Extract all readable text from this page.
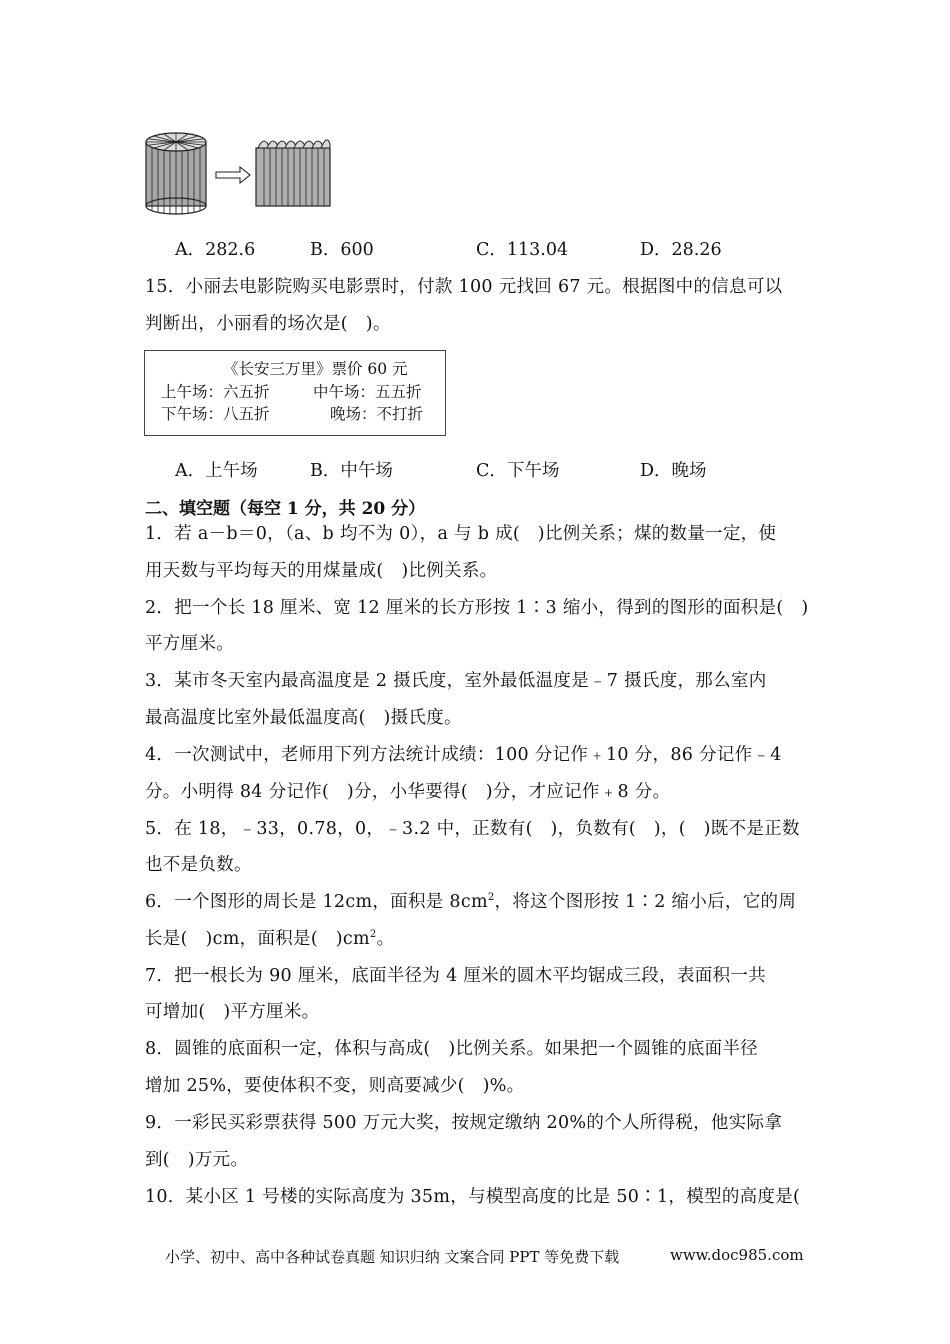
A．282.6	B．600	C．113.04	D．28.26
15．小丽去电影院购买电影票时，付款 100 元找回 67 元。根据图中的信息可以
判断出，小丽看的场次是(　)。
《长安三万里》票价 60 元
上午场：六五折	中午场：五五折
下午场：八五折	晚场：不打折
A．上午场	B．中午场	C．下午场	D．晚场
二、填空题（每空 1 分，共 20 分）
1．若 a－b＝0，（a、b 均不为 0），a 与 b 成(　)比例关系；煤的数量一定，使
用天数与平均每天的用煤量成(　)比例关系。
2．把一个长 18 厘米、宽 12 厘米的长方形按 1∶3 缩小，得到的图形的面积是(　)
平方厘米。
3．某市冬天室内最高温度是 2 摄氏度，室外最低温度是﹣7 摄氏度，那么室内
最高温度比室外最低温度高(　)摄氏度。
4．一次测试中，老师用下列方法统计成绩：100 分记作﹢10 分，86 分记作﹣4
分。小明得 84 分记作(　)分，小华要得(　)分，才应记作﹢8 分。
5．在 18，﹣33，0.78，0，﹣3.2 中，正数有(　)，负数有(　)，(　)既不是正数
也不是负数。
6．一个图形的周长是 12cm，面积是 $8cm^2$，将这个图形按 1∶2 缩小后，它的周
长是(　)cm，面积是(　)$cm^2$。
7．把一根长为 90 厘米，底面半径为 4 厘米的圆木平均锯成三段，表面积一共
可增加(　)平方厘米。
8．圆锥的底面积一定，体积与高成(　)比例关系。如果把一个圆锥的底面半径
增加 25%，要使体积不变，则高要减少(　)%。
9．一彩民买彩票获得 500 万元大奖，按规定缴纳 20%的个人所得税，他实际拿
到(　)万元。
10．某小区 1 号楼的实际高度为 35m，与模型高度的比是 50∶1，模型的高度是(
小学、初中、高中各种试卷真题 知识归纳 文案合同 PPT 等免费下载	www.doc985.com
